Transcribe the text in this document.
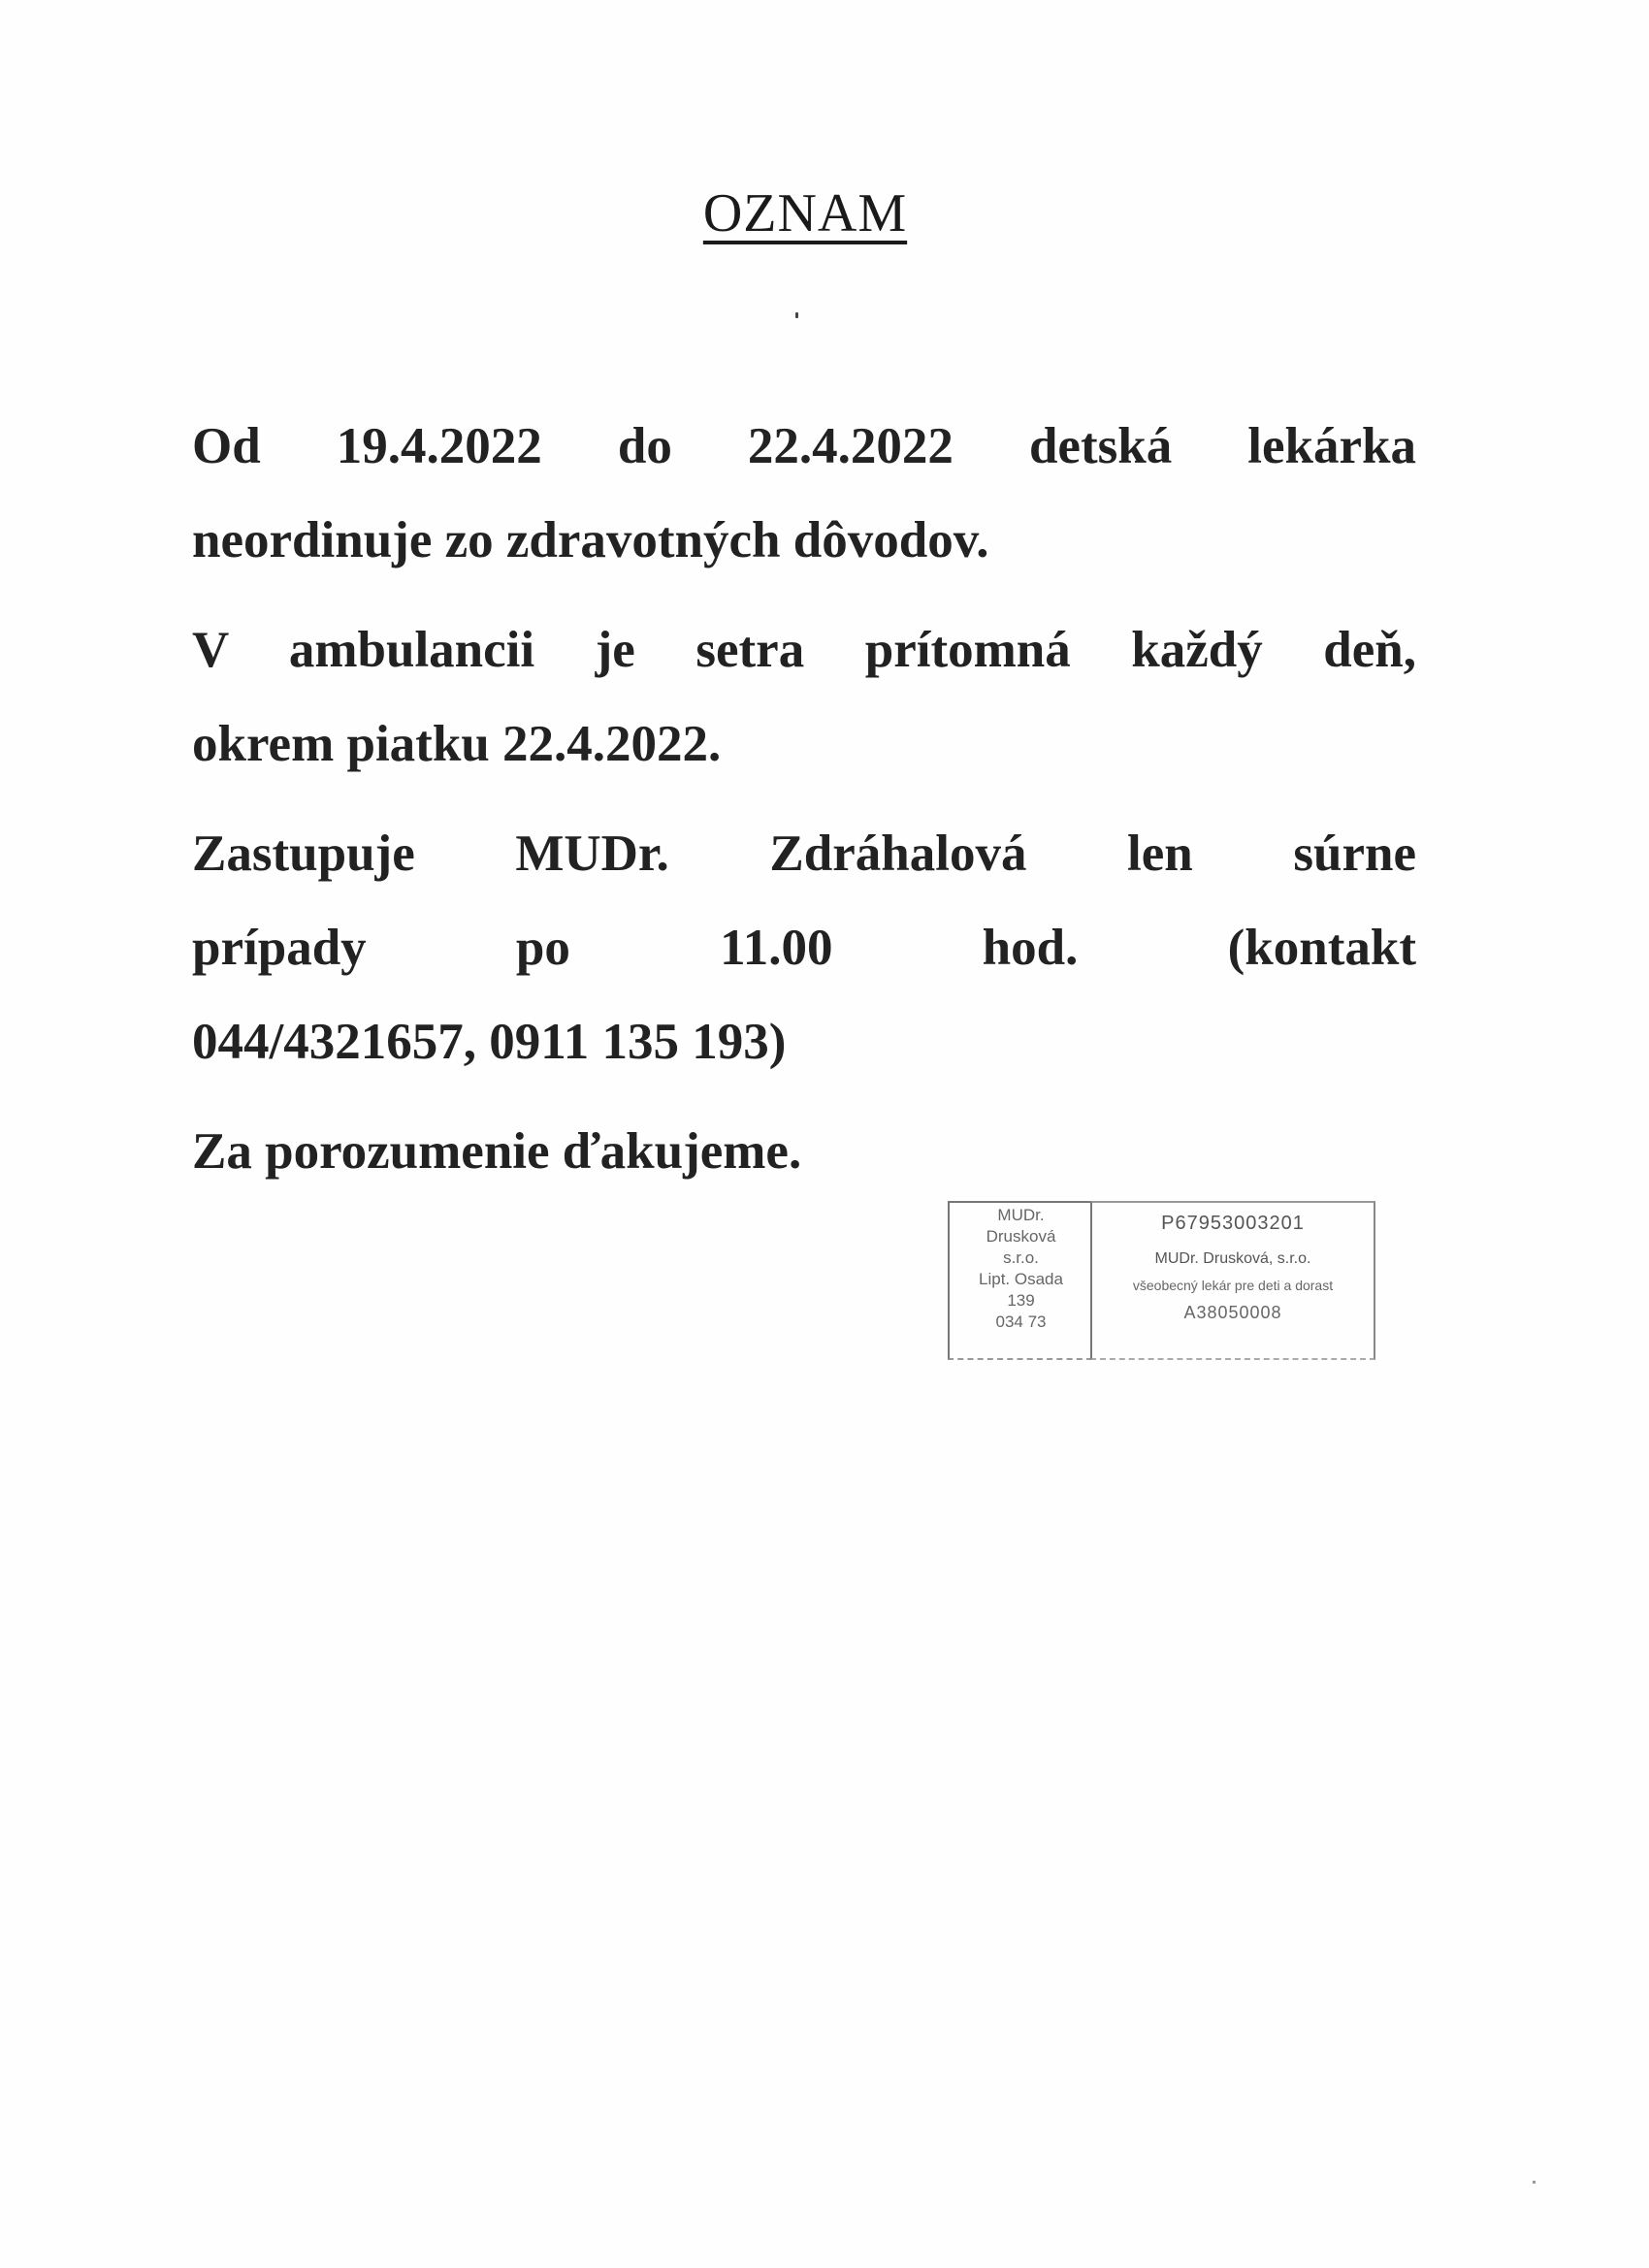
OZNAM

Od 19.4.2022 do 22.4.2022 detská lekárka
neordinuje zo zdravotných dôvodov.

V ambulancii je setra prítomná každý deň,
okrem piatku 22.4.2022.

Zastupuje MUDr. Zdráhalová len súrne
prípady po 11.00 hod. (kontakt
044/4321657, 0911 135 193)

Za porozumenie ďakujeme.

MUDr.
Drusková
s.r.o.
Lipt. Osada
139
034 73
P67953003201
MUDr. Drusková, s.r.o.
všeobecný lekár pre deti a dorast
A38050008
